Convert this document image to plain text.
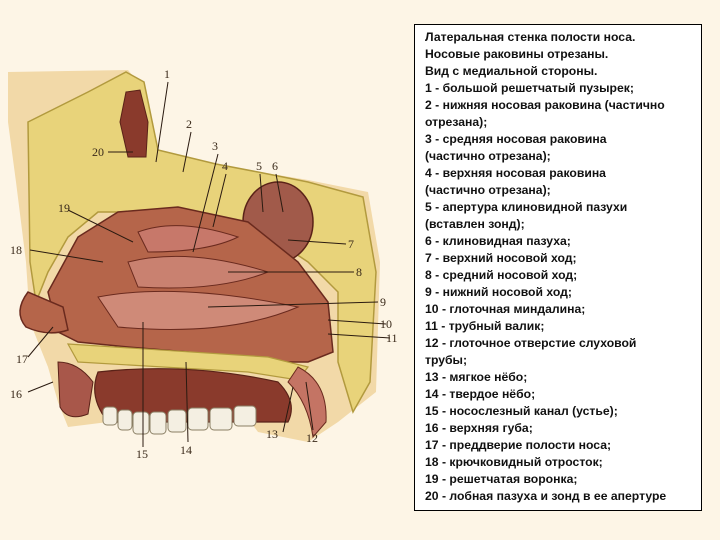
1
2
3
4 5 6
7
8
9
10
11
12
13
14
15
16
17
18
19
20

Латеральная стенка полости носа.

Носовые раковины отрезаны.

Вид с медиальной стороны.

1 - большой решетчатый пузырек;

2 - нижняя носовая раковина (частично

отрезана);

3 - средняя носовая раковина

(частично отрезана);

4 - верхняя носовая раковина

(частично отрезана);

5 - апертура клиновидной пазухи

(вставлен зонд);

6 - клиновидная пазуха;

7 - верхний носовой ход;

8 - средний носовой ход;

9 - нижний носовой ход;

10 - глоточная миндалина;

11 - трубный валик;

12 - глоточное отверстие слуховой

трубы;

13 - мягкое нёбо;

14 - твердое нёбо;

15 - носослезный канал (устье);

16 - верхняя губа;

17 - преддверие полости носа;

18 - крючковидный отросток;

19 - решетчатая воронка;

20 - лобная пазуха и зонд в ее апертуре
